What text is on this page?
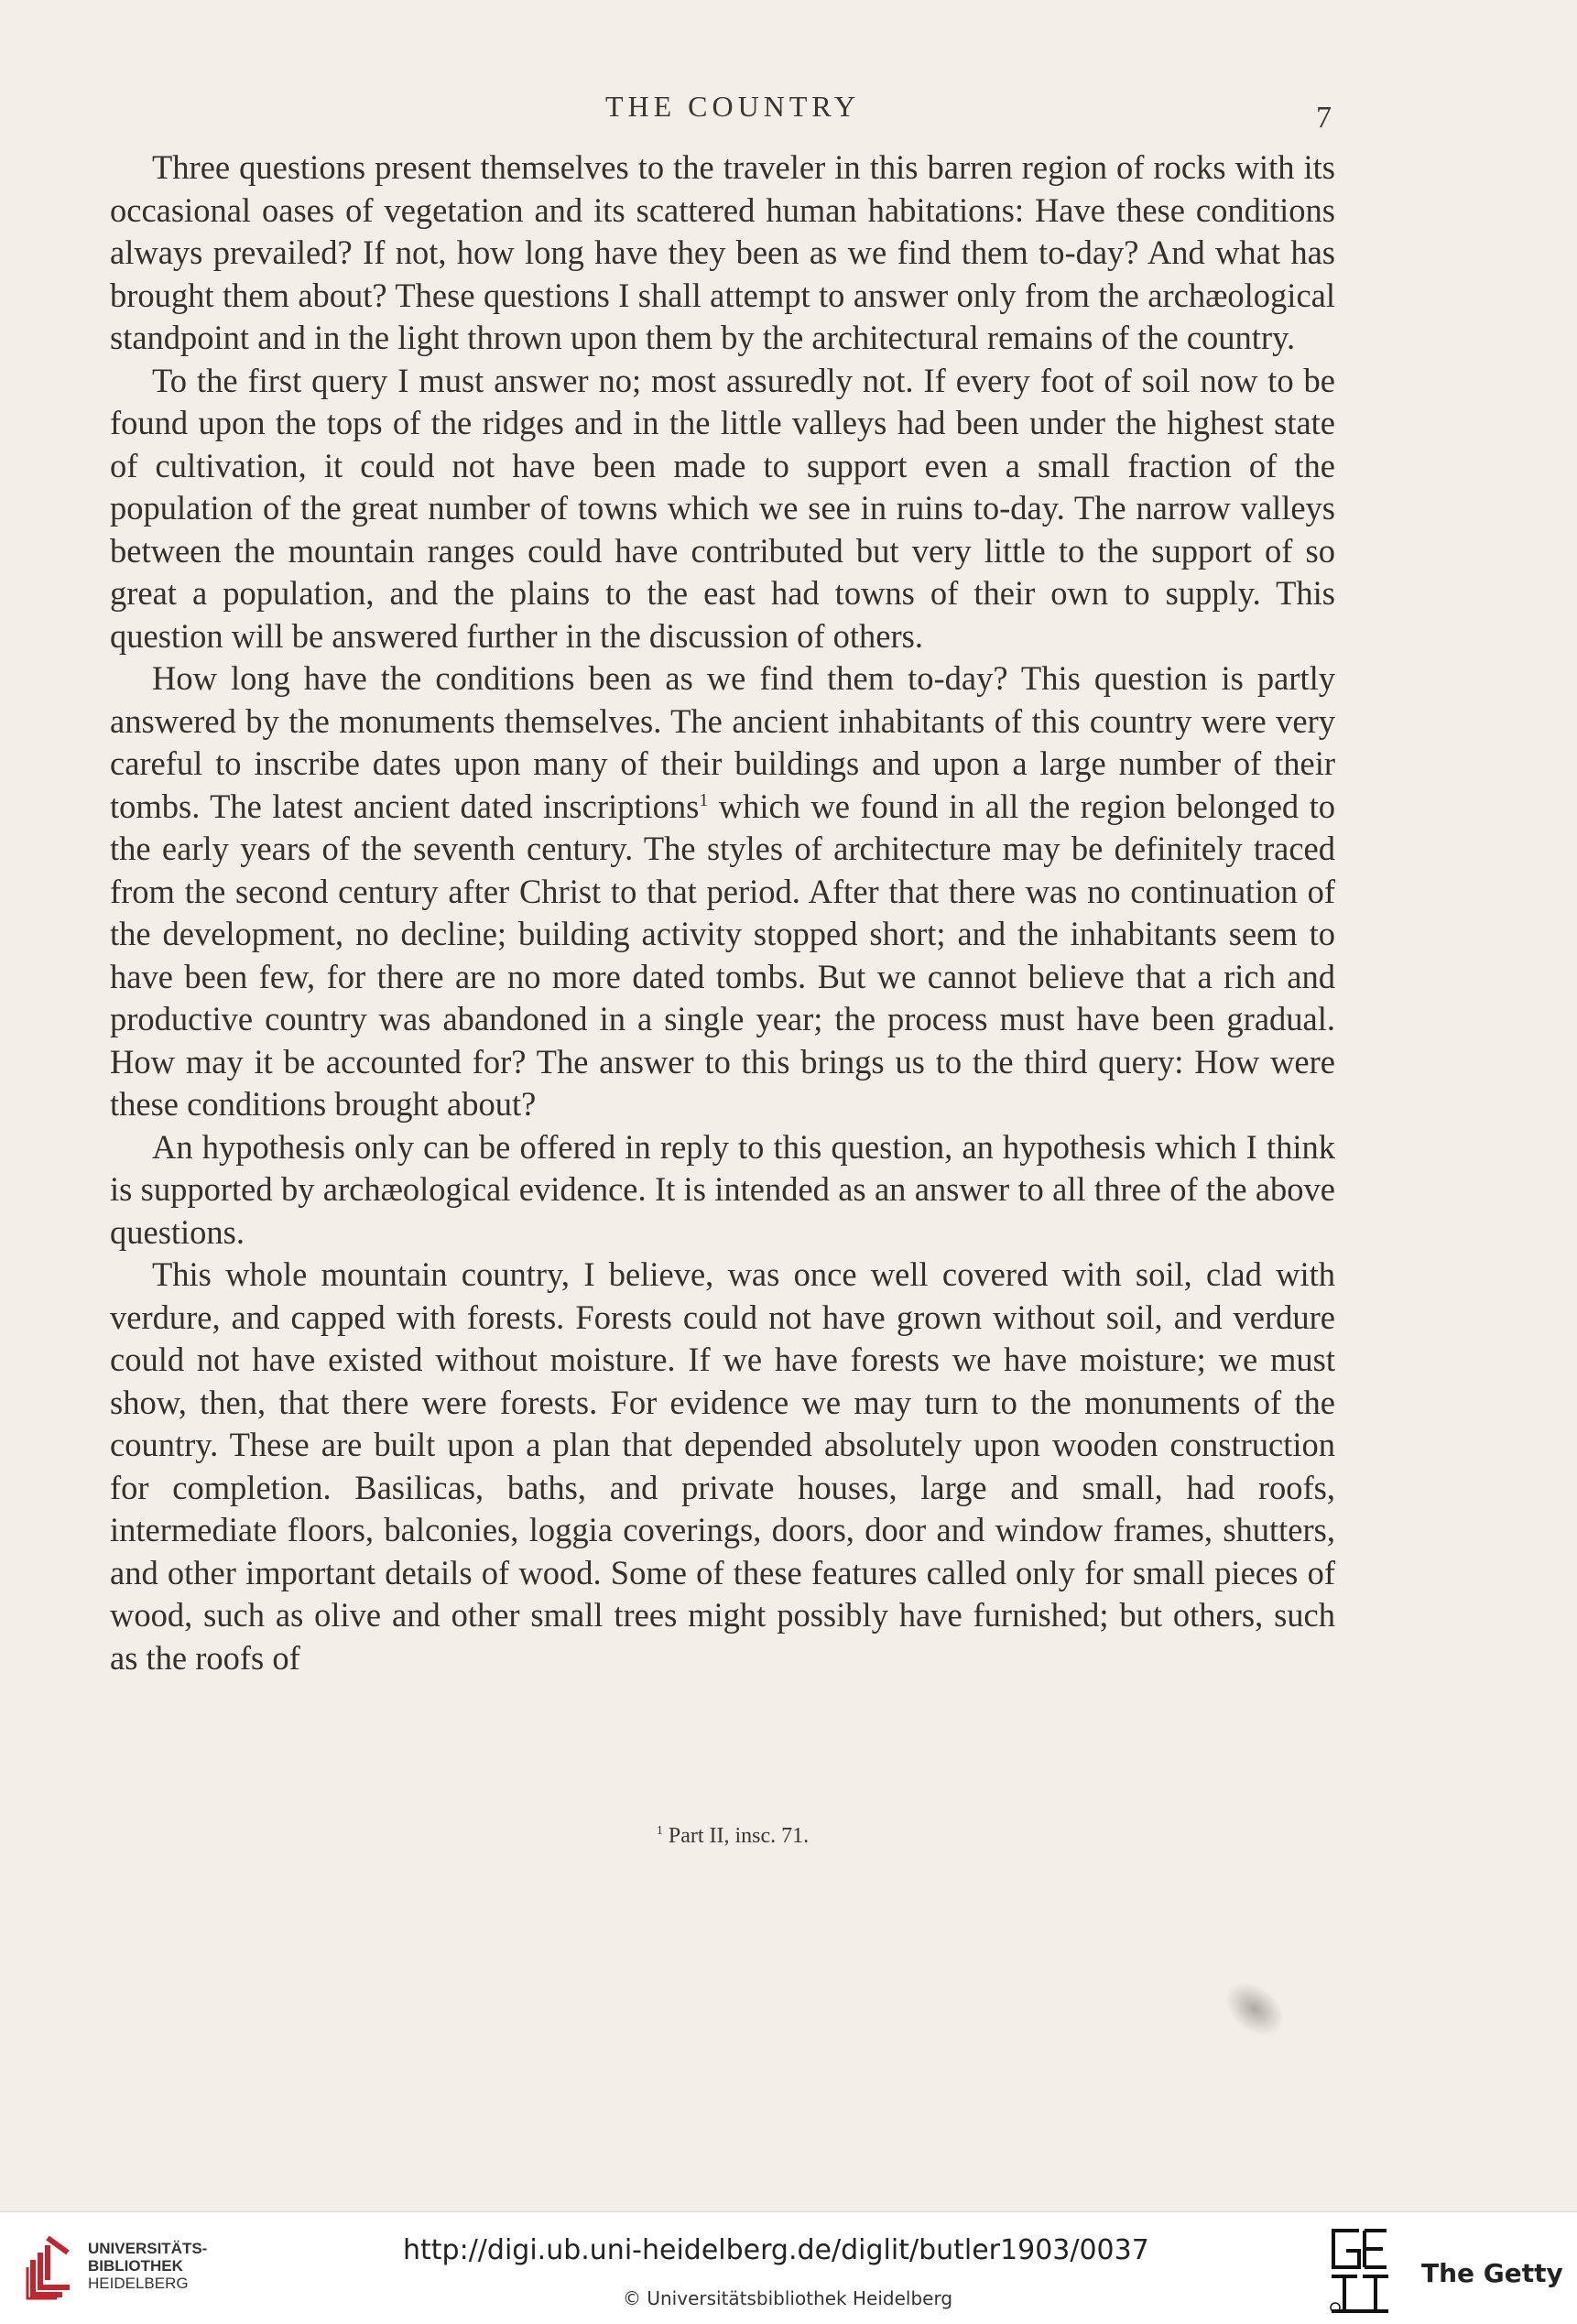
THE COUNTRY	7

Three questions present themselves to the traveler in this barren region of rocks with its occasional oases of vegetation and its scattered human habitations: Have these conditions always prevailed? If not, how long have they been as we find them to-day? And what has brought them about? These questions I shall attempt to answer only from the archæological standpoint and in the light thrown upon them by the architectural remains of the country.

To the first query I must answer no; most assuredly not. If every foot of soil now to be found upon the tops of the ridges and in the little valleys had been under the highest state of cultivation, it could not have been made to support even a small fraction of the population of the great number of towns which we see in ruins to-day. The narrow valleys between the mountain ranges could have contributed but very little to the support of so great a population, and the plains to the east had towns of their own to supply. This question will be answered further in the discussion of others.

How long have the conditions been as we find them to-day? This question is partly answered by the monuments themselves. The ancient inhabitants of this country were very careful to inscribe dates upon many of their buildings and upon a large number of their tombs. The latest ancient dated inscriptions$^1$ which we found in all the region belonged to the early years of the seventh century. The styles of architecture may be definitely traced from the second century after Christ to that period. After that there was no continuation of the development, no decline; building activity stopped short; and the inhabitants seem to have been few, for there are no more dated tombs. But we cannot believe that a rich and productive country was abandoned in a single year; the process must have been gradual. How may it be accounted for? The answer to this brings us to the third query: How were these conditions brought about?

An hypothesis only can be offered in reply to this question, an hypothesis which I think is supported by archæological evidence. It is intended as an answer to all three of the above questions.

This whole mountain country, I believe, was once well covered with soil, clad with verdure, and capped with forests. Forests could not have grown without soil, and verdure could not have existed without moisture. If we have forests we have moisture; we must show, then, that there were forests. For evidence we may turn to the monuments of the country. These are built upon a plan that depended absolutely upon wooden construction for completion. Basilicas, baths, and private houses, large and small, had roofs, intermediate floors, balconies, loggia coverings, doors, door and window frames, shutters, and other important details of wood. Some of these features called only for small pieces of wood, such as olive and other small trees might possibly have furnished; but others, such as the roofs of

$^1$ Part II, insc. 71.
UNIVERSITÄTS-
BIBLIOTHEK
HEIDELBERG
http://digi.ub.uni-heidelberg.de/diglit/butler1903/0037
© Universitätsbibliothek Heidelberg
The Getty
